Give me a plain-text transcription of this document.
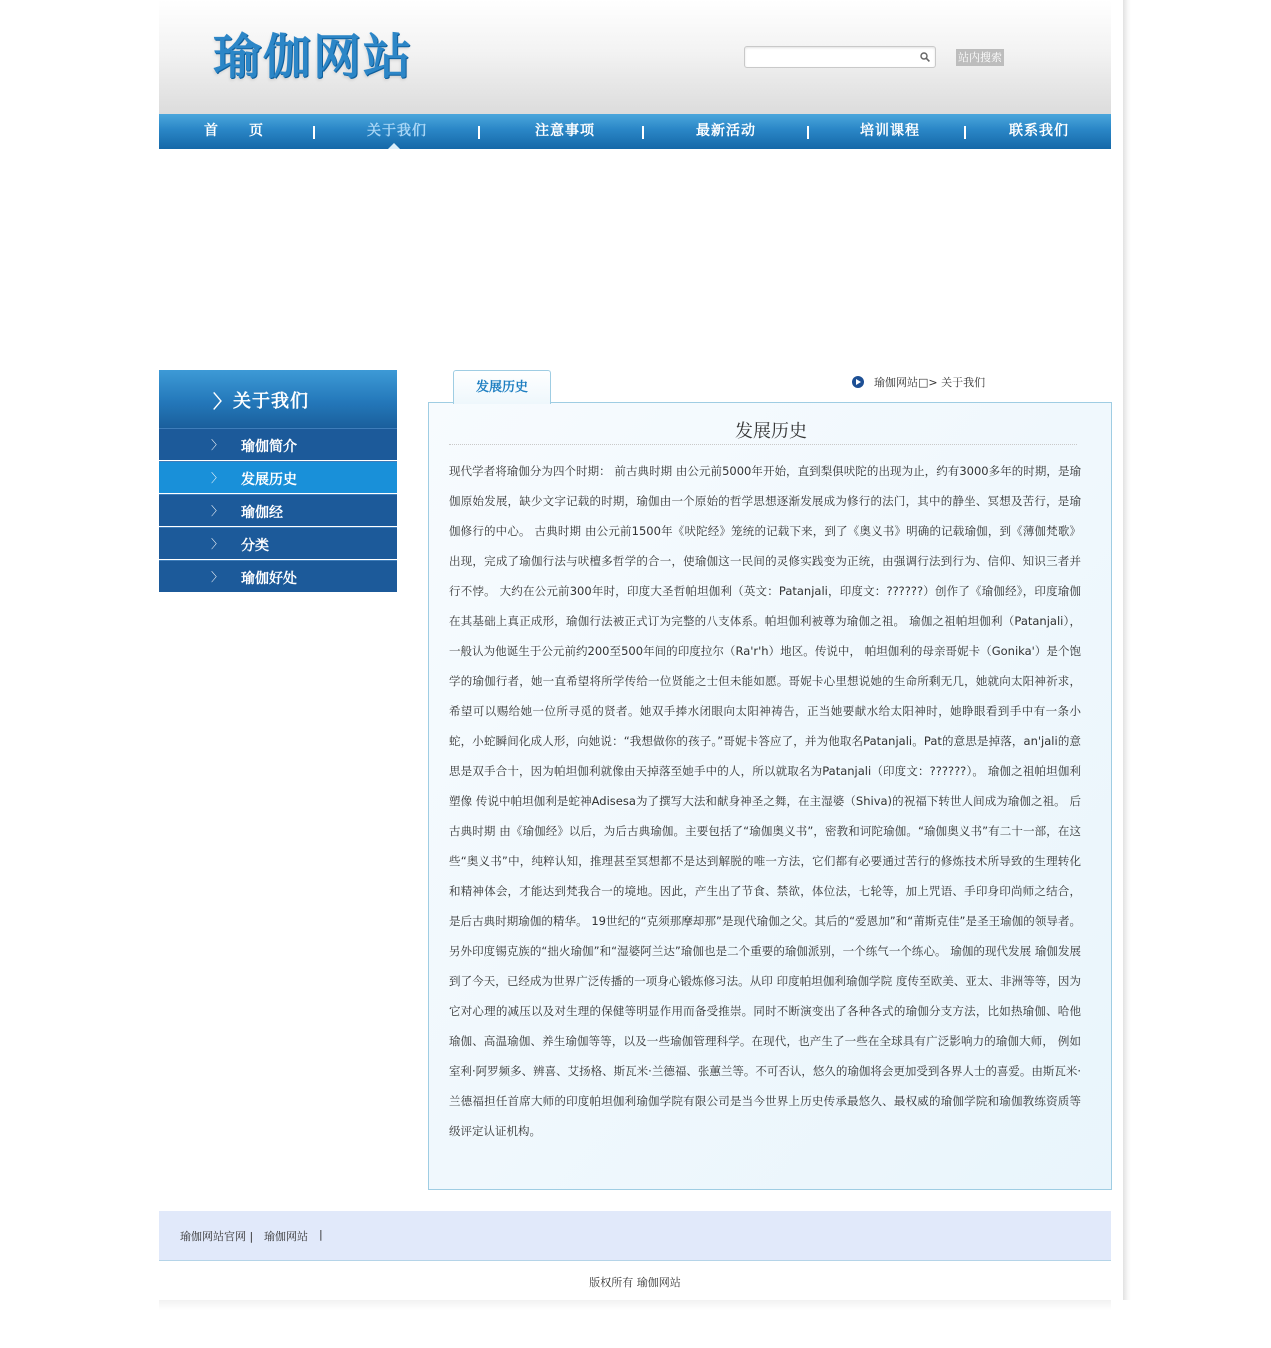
瑜伽网站	站内搜索
首　　页	关于我们	注意事项	最新活动	培训课程	联系我们
〉 关于我们
〉 瑜伽简介
〉 发展历史
〉 瑜伽经
〉 分类
〉 瑜伽好处
发展历史	瑜伽网站□> 关于我们
发展历史
现代学者将瑜伽分为四个时期： 前古典时期 由公元前5000年开始，直到梨俱吠陀的出现为止，约有3000多年的时期，是瑜伽原始发展，缺少文字记载的时期，瑜伽由一个原始的哲学思想逐渐发展成为修行的法门，其中的静坐、冥想及苦行，是瑜伽修行的中心。 古典时期 由公元前1500年《吠陀经》笼统的记载下来，到了《奥义书》明确的记载瑜伽，到《薄伽梵歌》出现，完成了瑜伽行法与吠檀多哲学的合一，使瑜伽这一民间的灵修实践变为正统，由强调行法到行为、信仰、知识三者并行不悖。 大约在公元前300年时，印度大圣哲帕坦伽利（英文：Patanjali，印度文：??????）创作了《瑜伽经》，印度瑜伽在其基础上真正成形，瑜伽行法被正式订为完整的八支体系。帕坦伽利被尊为瑜伽之祖。 瑜伽之祖帕坦伽利（Patanjali），一般认为他诞生于公元前约200至500年间的印度拉尔（Ra'r'h）地区。传说中， 帕坦伽利的母亲哥妮卡（Gonika'）是个饱学的瑜伽行者，她一直希望将所学传给一位贤能之士但未能如愿。哥妮卡心里想说她的生命所剩无几，她就向太阳神祈求，希望可以赐给她一位所寻觅的贤者。她双手捧水闭眼向太阳神祷告，正当她要献水给太阳神时，她睁眼看到手中有一条小蛇，小蛇瞬间化成人形，向她说：“我想做你的孩子。”哥妮卡答应了，并为他取名Patanjali。Pat的意思是掉落，an'jali的意思是双手合十，因为帕坦伽利就像由天掉落至她手中的人，所以就取名为Patanjali（印度文：??????）。 瑜伽之祖帕坦伽利塑像 传说中帕坦伽利是蛇神Adisesa为了撰写大法和献身神圣之舞，在主湿婆（Shiva)的祝福下转世人间成为瑜伽之祖。 后古典时期 由《瑜伽经》以后，为后古典瑜伽。主要包括了“瑜伽奥义书”，密教和诃陀瑜伽。“瑜伽奥义书”有二十一部，在这些“奥义书”中，纯粹认知，推理甚至冥想都不是达到解脱的唯一方法，它们都有必要通过苦行的修炼技术所导致的生理转化和精神体会，才能达到梵我合一的境地。因此，产生出了节食、禁欲，体位法，七轮等，加上咒语、手印身印尚师之结合，是后古典时期瑜伽的精华。 19世纪的“克须那摩却那”是现代瑜伽之父。其后的“爱恩加”和“莆斯克佳”是圣王瑜伽的领导者。另外印度锡克族的“拙火瑜伽”和“湿婆阿兰达”瑜伽也是二个重要的瑜伽派别，一个练气一个练心。 瑜伽的现代发展 瑜伽发展到了今天，已经成为世界广泛传播的一项身心锻炼修习法。从印 印度帕坦伽利瑜伽学院 度传至欧美、亚太、非洲等等，因为它对心理的减压以及对生理的保健等明显作用而备受推崇。同时不断演变出了各种各式的瑜伽分支方法，比如热瑜伽、哈他瑜伽、高温瑜伽、养生瑜伽等等，以及一些瑜伽管理科学。在现代，也产生了一些在全球具有广泛影响力的瑜伽大师， 例如室利·阿罗频多、辨喜、艾扬格、斯瓦米·兰德福、张蕙兰等。不可否认，悠久的瑜伽将会更加受到各界人士的喜爱。由斯瓦米·兰德福担任首席大师的印度帕坦伽利瑜伽学院有限公司是当今世界上历史传承最悠久、最权威的瑜伽学院和瑜伽教练资质等级评定认证机构。
瑜伽网站官网 | 瑜伽网站 |
版权所有 瑜伽网站
